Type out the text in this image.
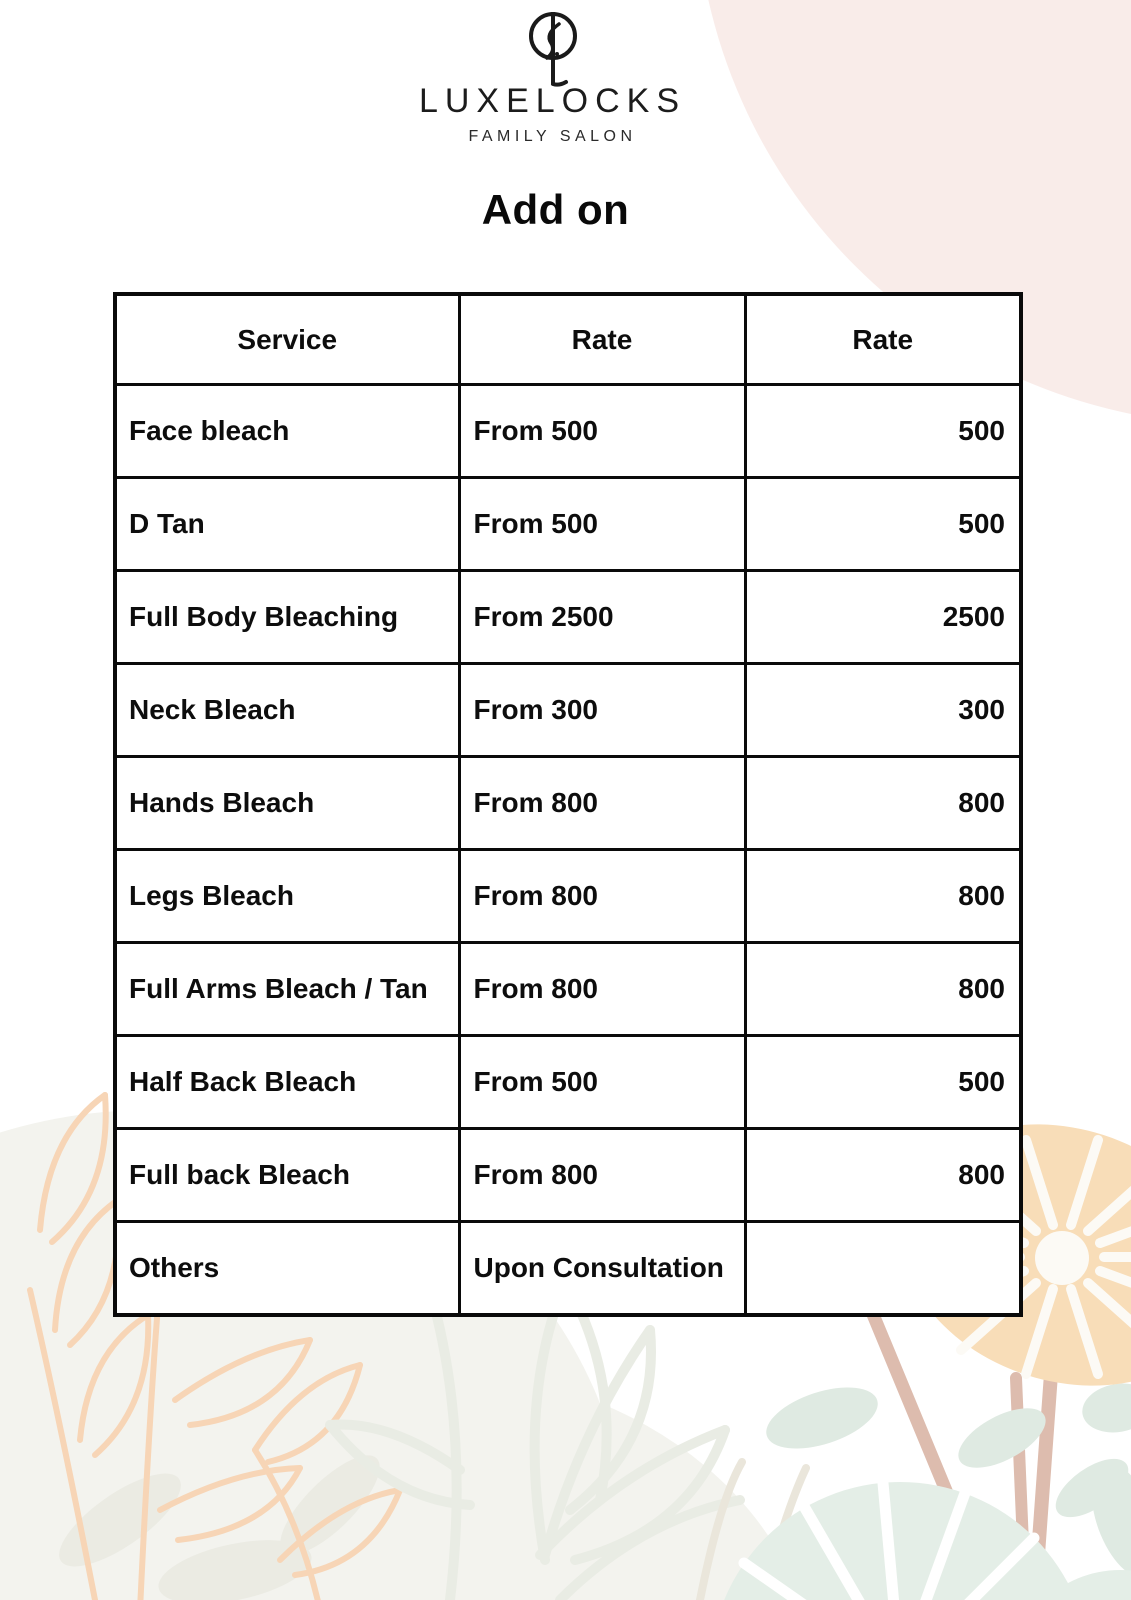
LUXELOCKS
FAMILY SALON
Add on
Service	Rate	Rate
Face bleach	From 500	500
D Tan	From 500	500
Full Body Bleaching	From 2500	2500
Neck Bleach	From 300	300
Hands Bleach	From 800	800
Legs Bleach	From 800	800
Full Arms Bleach / Tan	From 800	800
Half Back Bleach	From 500	500
Full back Bleach	From 800	800
Others	Upon Consultation	
